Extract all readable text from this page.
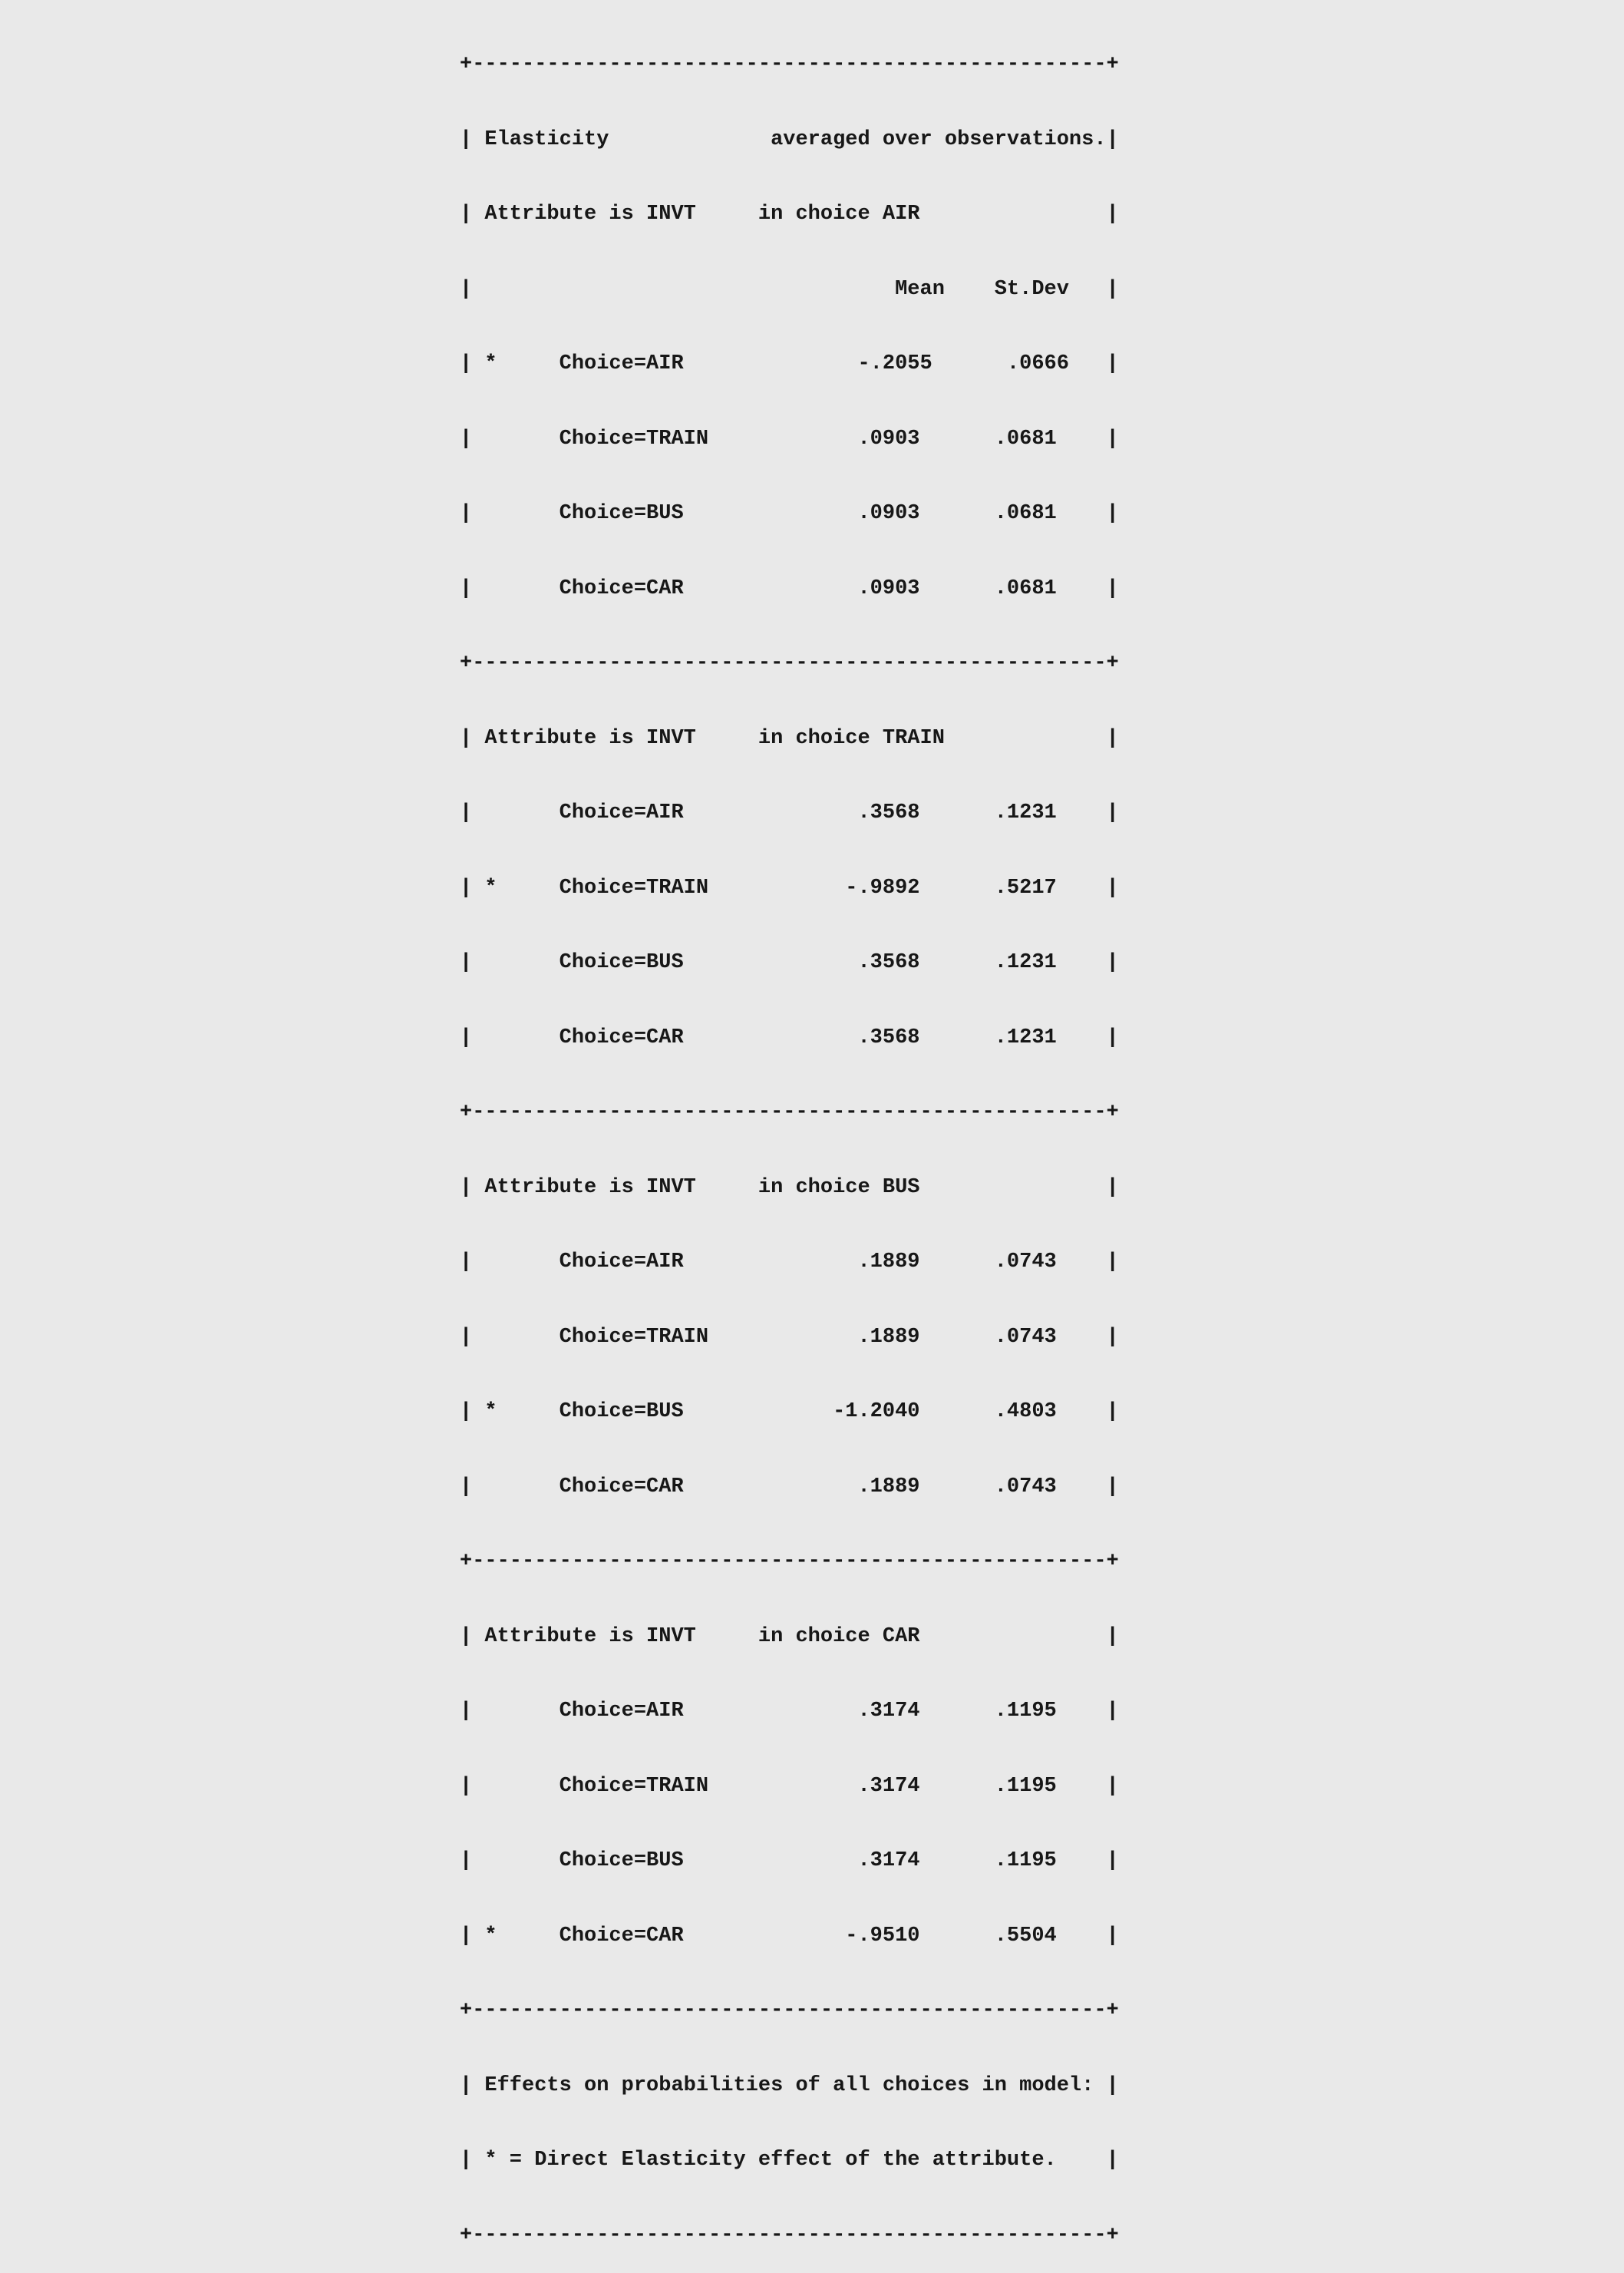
+---------------------------------------------------+

| Elasticity             averaged over observations.|

| Attribute is INVT     in choice AIR               |

|                                  Mean    St.Dev   |

| *     Choice=AIR              -.2055      .0666   |

|       Choice=TRAIN            .0903      .0681    |

|       Choice=BUS              .0903      .0681    |

|       Choice=CAR              .0903      .0681    |

+---------------------------------------------------+

| Attribute is INVT     in choice TRAIN             |

|       Choice=AIR              .3568      .1231    |

| *     Choice=TRAIN           -.9892      .5217    |

|       Choice=BUS              .3568      .1231    |

|       Choice=CAR              .3568      .1231    |

+---------------------------------------------------+

| Attribute is INVT     in choice BUS               |

|       Choice=AIR              .1889      .0743    |

|       Choice=TRAIN            .1889      .0743    |

| *     Choice=BUS            -1.2040      .4803    |

|       Choice=CAR              .1889      .0743    |

+---------------------------------------------------+

| Attribute is INVT     in choice CAR               |

|       Choice=AIR              .3174      .1195    |

|       Choice=TRAIN            .3174      .1195    |

|       Choice=BUS              .3174      .1195    |

| *     Choice=CAR             -.9510      .5504    |

+---------------------------------------------------+

| Effects on probabilities of all choices in model: |

| * = Direct Elasticity effect of the attribute.    |

+---------------------------------------------------+
